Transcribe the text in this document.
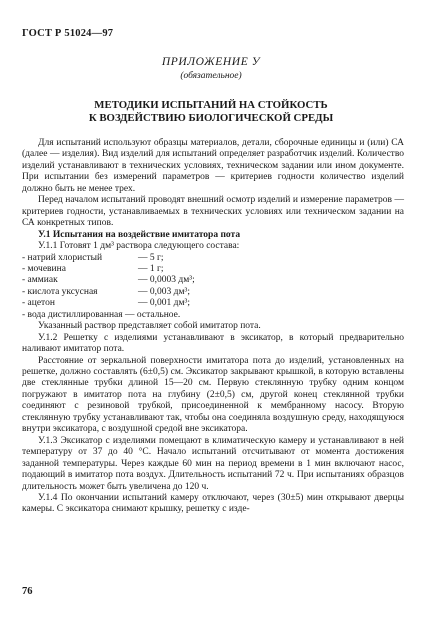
ГОСТ Р 51024—97
ПРИЛОЖЕНИЕ У
(обязательное)
МЕТОДИКИ ИСПЫТАНИЙ НА СТОЙКОСТЬ
К ВОЗДЕЙСТВИЮ БИОЛОГИЧЕСКОЙ СРЕДЫ

Для испытаний используют образцы материалов, детали, сборочные единицы и (или) СА (далее — изделия). Вид изделий для испытаний определяет разработчик изделий. Количество изделий устанавливают в технических условиях, техническом задании или ином документе. При испытании без измерений параметров — критериев годности количество изделий должно быть не менее трех.

Перед началом испытаний проводят внешний осмотр изделий и измерение параметров — критериев годности, устанавливаемых в технических условиях или техническом задании на СА конкретных типов.

У.1 Испытания на воздействие имитатора пота

У.1.1 Готовят 1 дм³ раствора следующего состава:

- натрий хлористый	— 5 г;
- мочевина	— 1 г;
- аммиак	— 0,0003 дм³;
- кислота уксусная	— 0,003 дм³;
- ацетон	— 0,001 дм³;
- вода дистиллированная — остальное.

Указанный раствор представляет собой имитатор пота.

У.1.2 Решетку с изделиями устанавливают в эксикатор, в который предварительно наливают имитатор пота.

Расстояние от зеркальной поверхности имитатора пота до изделий, установленных на решетке, должно составлять (6±0,5) см. Эксикатор закрывают крышкой, в которую вставлены две стеклянные трубки длиной 15—20 см. Первую стеклянную трубку одним концом погружают в имитатор пота на глубину (2±0,5) см, другой конец стеклянной трубки соединяют с резиновой трубкой, присоединенной к мембранному насосу. Вторую стеклянную трубку устанавливают так, чтобы она соединяла воздушную среду, находящуюся внутри эксикатора, с воздушной средой вне эксикатора.

У.1.3 Эксикатор с изделиями помещают в климатическую камеру и устанавливают в ней температуру от 37 до 40 °С. Начало испытаний отсчитывают от момента достижения заданной температуры. Через каждые 60 мин на период времени в 1 мин включают насос, подающий в имитатор пота воздух. Длительность испытаний 72 ч. При испытаниях образцов длительность может быть увеличена до 120 ч.

У.1.4 По окончании испытаний камеру отключают, через (30±5) мин открывают дверцы камеры. С эксикатора снимают крышку, решетку с изде-

76
